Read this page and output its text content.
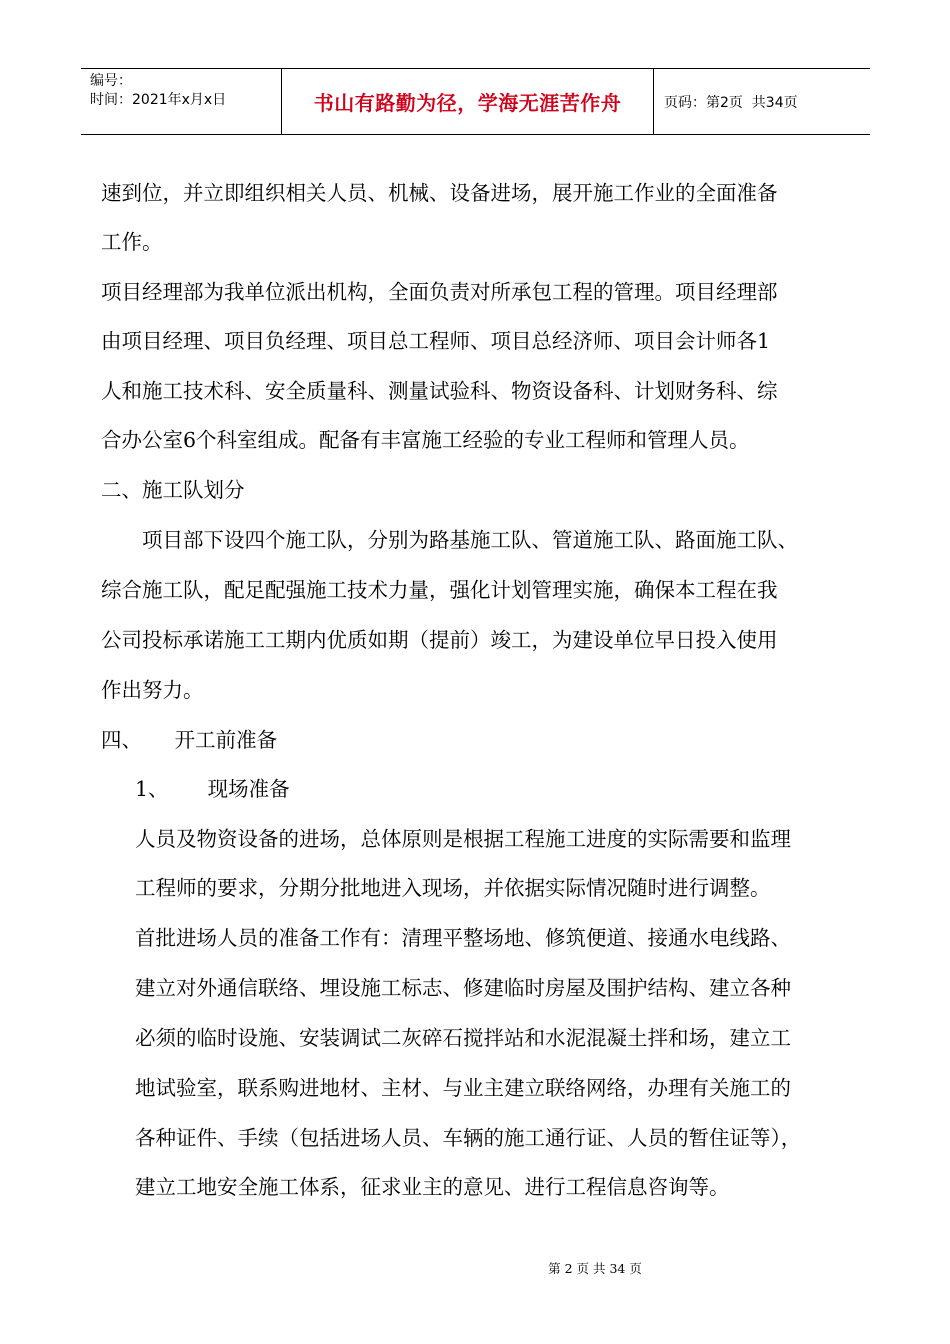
编号：
时间：2021年x月x日	书山有路勤为径，学海无涯苦作舟	页码：第2页  共34页
速到位，并立即组织相关人员、机械、设备进场，展开施工作业的全面准备
工作。
项目经理部为我单位派出机构，全面负责对所承包工程的管理。项目经理部
由项目经理、项目负经理、项目总工程师、项目总经济师、项目会计师各1
人和施工技术科、安全质量科、测量试验科、物资设备科、计划财务科、综
合办公室6个科室组成。配备有丰富施工经验的专业工程师和管理人员。
二、施工队划分
项目部下设四个施工队，分别为路基施工队、管道施工队、路面施工队、
综合施工队，配足配强施工技术力量，强化计划管理实施，确保本工程在我
公司投标承诺施工工期内优质如期（提前）竣工，为建设单位早日投入使用
作出努力。
四、     开工前准备
1、      现场准备
人员及物资设备的进场，总体原则是根据工程施工进度的实际需要和监理
工程师的要求，分期分批地进入现场，并依据实际情况随时进行调整。
首批进场人员的准备工作有：清理平整场地、修筑便道、接通水电线路、
建立对外通信联络、埋设施工标志、修建临时房屋及围护结构、建立各种
必须的临时设施、安装调试二灰碎石搅拌站和水泥混凝土拌和场，建立工
地试验室，联系购进地材、主材、与业主建立联络网络，办理有关施工的
各种证件、手续（包括进场人员、车辆的施工通行证、人员的暂住证等），
建立工地安全施工体系，征求业主的意见、进行工程信息咨询等。
第 2 页 共 34 页
